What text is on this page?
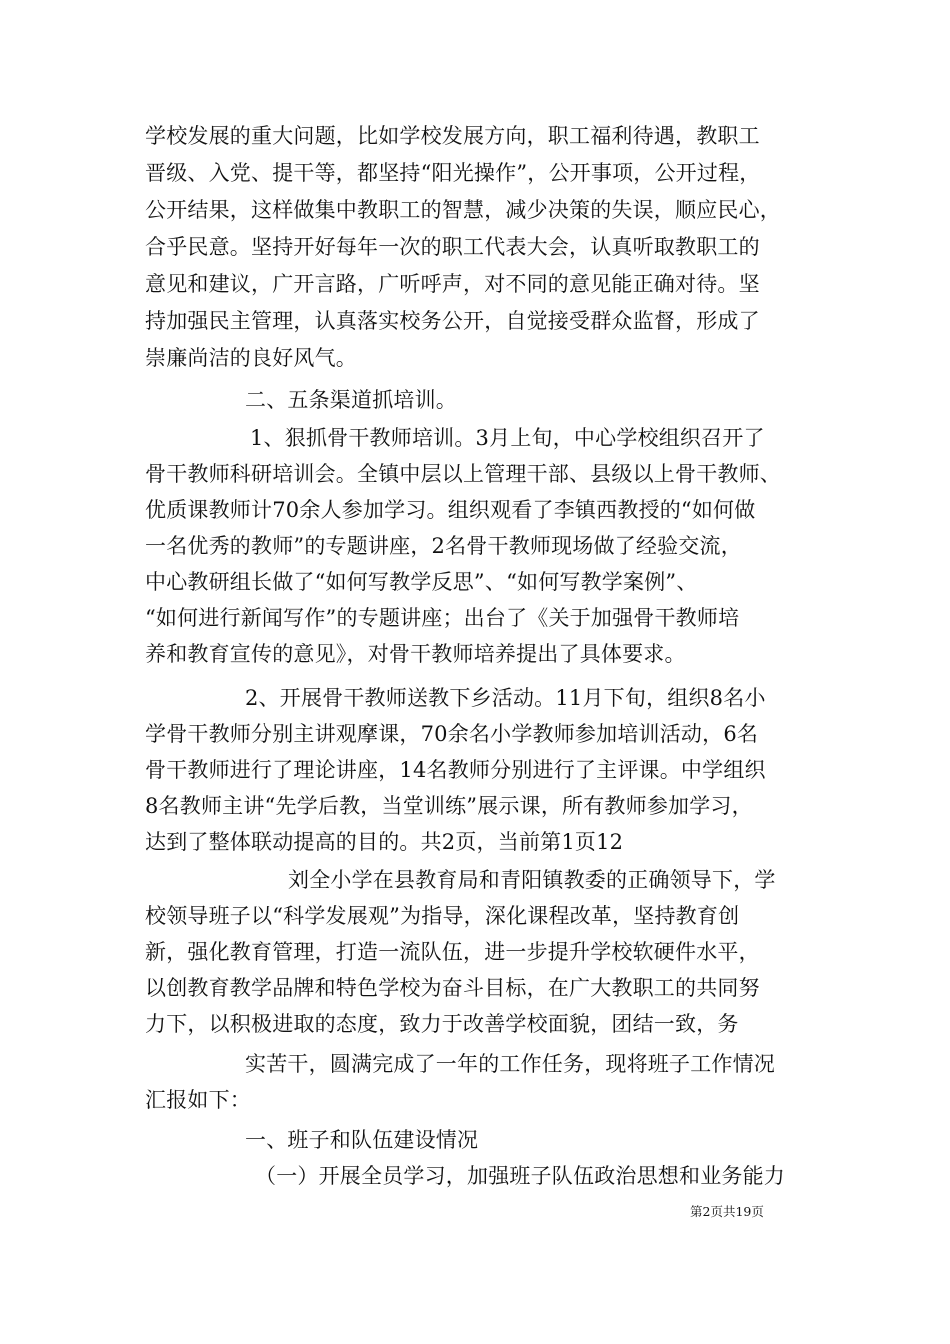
学校发展的重大问题，比如学校发展方向，职工福利待遇，教职工
晋级、入党、提干等，都坚持“阳光操作”，公开事项，公开过程，
公开结果，这样做集中教职工的智慧，减少决策的失误，顺应民心，
合乎民意。坚持开好每年一次的职工代表大会，认真听取教职工的
意见和建议，广开言路，广听呼声，对不同的意见能正确对待。坚
持加强民主管理，认真落实校务公开，自觉接受群众监督，形成了
崇廉尚洁的良好风气。
二、五条渠道抓培训。
1、狠抓骨干教师培训。3月上旬，中心学校组织召开了
骨干教师科研培训会。全镇中层以上管理干部、县级以上骨干教师、
优质课教师计70余人参加学习。组织观看了李镇西教授的“如何做
一名优秀的教师”的专题讲座，2名骨干教师现场做了经验交流，
中心教研组长做了“如何写教学反思”、“如何写教学案例”、
“如何进行新闻写作”的专题讲座；出台了《关于加强骨干教师培
养和教育宣传的意见》，对骨干教师培养提出了具体要求。
2、开展骨干教师送教下乡活动。11月下旬，组织8名小
学骨干教师分别主讲观摩课，70余名小学教师参加培训活动，6名
骨干教师进行了理论讲座，14名教师分别进行了主评课。中学组织
8名教师主讲“先学后教，当堂训练”展示课，所有教师参加学习，
达到了整体联动提高的目的。共2页，当前第1页12
刘全小学在县教育局和青阳镇教委的正确领导下，学
校领导班子以“科学发展观”为指导，深化课程改革，坚持教育创
新，强化教育管理，打造一流队伍，进一步提升学校软硬件水平，
以创教育教学品牌和特色学校为奋斗目标，在广大教职工的共同努
力下，以积极进取的态度，致力于改善学校面貌，团结一致，务
实苦干，圆满完成了一年的工作任务，现将班子工作情况
汇报如下：
一、班子和队伍建设情况
（一）开展全员学习，加强班子队伍政治思想和业务能力
第2页共19页
